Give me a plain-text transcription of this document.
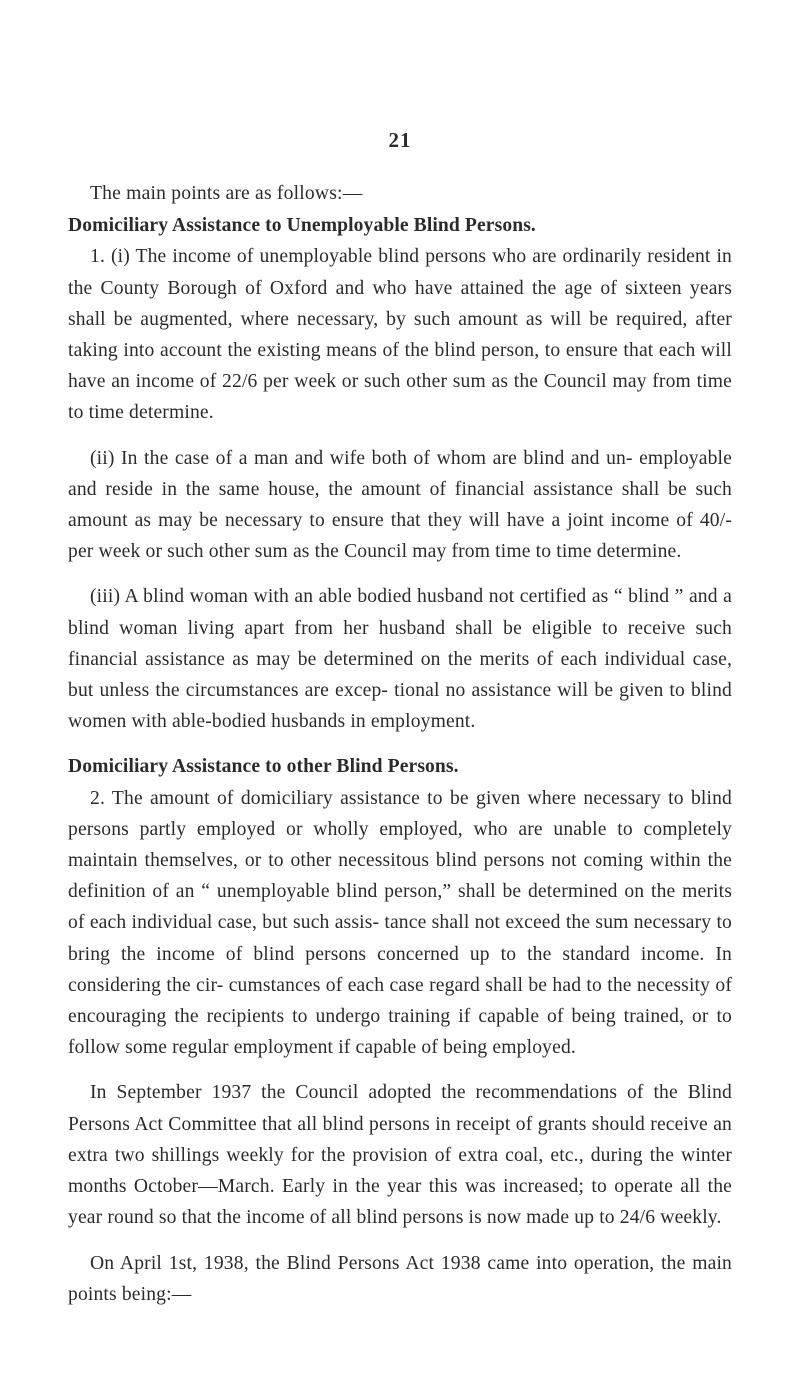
21

The main points are as follows:—

Domiciliary Assistance to Unemployable Blind Persons.

1. (i) The income of unemployable blind persons who are ordinarily resident in the County Borough of Oxford and who have attained the age of sixteen years shall be augmented, where necessary, by such amount as will be required, after taking into account the existing means of the blind person, to ensure that each will have an income of 22/6 per week or such other sum as the Council may from time to time determine.

(ii) In the case of a man and wife both of whom are blind and un- employable and reside in the same house, the amount of financial assistance shall be such amount as may be necessary to ensure that they will have a joint income of 40/- per week or such other sum as the Council may from time to time determine.

(iii) A blind woman with an able bodied husband not certified as “ blind ” and a blind woman living apart from her husband shall be eligible to receive such financial assistance as may be determined on the merits of each individual case, but unless the circumstances are excep- tional no assistance will be given to blind women with able-bodied husbands in employment.

Domiciliary Assistance to other Blind Persons.

2. The amount of domiciliary assistance to be given where necessary to blind persons partly employed or wholly employed, who are unable to completely maintain themselves, or to other necessitous blind persons not coming within the definition of an “ unemployable blind person,” shall be determined on the merits of each individual case, but such assis- tance shall not exceed the sum necessary to bring the income of blind persons concerned up to the standard income. In considering the cir- cumstances of each case regard shall be had to the necessity of encouraging the recipients to undergo training if capable of being trained, or to follow some regular employment if capable of being employed.

In September 1937 the Council adopted the recommendations of the Blind Persons Act Committee that all blind persons in receipt of grants should receive an extra two shillings weekly for the provision of extra coal, etc., during the winter months October—March. Early in the year this was increased; to operate all the year round so that the income of all blind persons is now made up to 24/6 weekly.

On April 1st, 1938, the Blind Persons Act 1938 came into operation, the main points being:—
